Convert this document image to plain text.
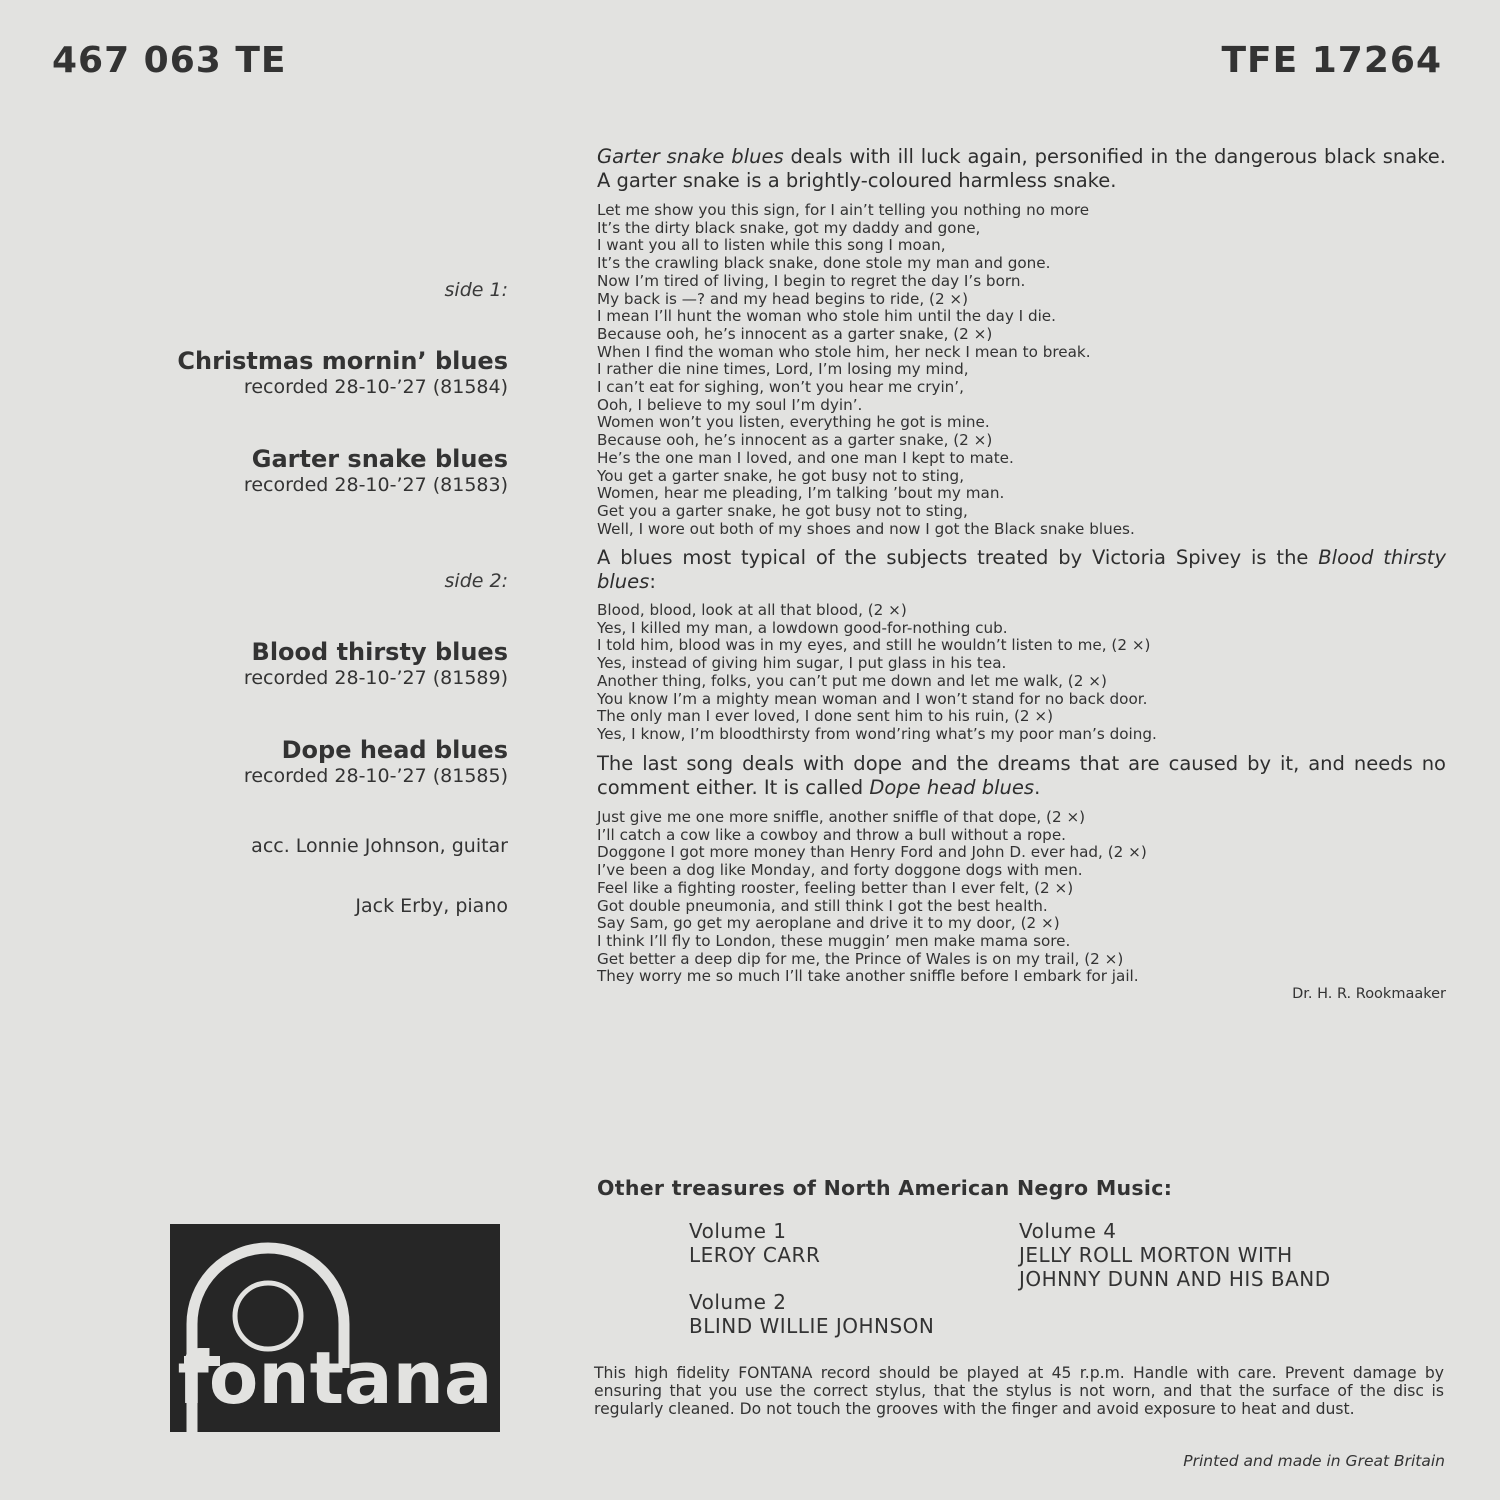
467 063 TE	TFE 17264
side 1:
Christmas mornin’ blues
recorded 28-10-’27 (81584)
Garter snake blues
recorded 28-10-’27 (81583)
side 2:
Blood thirsty blues
recorded 28-10-’27 (81589)
Dope head blues
recorded 28-10-’27 (81585)
acc. Lonnie Johnson, guitar
Jack Erby, piano
Garter snake blues deals with ill luck again, personified in the dangerous black snake. A garter snake is a brightly-coloured harmless snake.
Let me show you this sign, for I ain’t telling you nothing no more
It’s the dirty black snake, got my daddy and gone,
I want you all to listen while this song I moan,
It’s the crawling black snake, done stole my man and gone.
Now I’m tired of living, I begin to regret the day I’s born.
My back is —? and my head begins to ride, (2 ×)
I mean I’ll hunt the woman who stole him until the day I die.
Because ooh, he’s innocent as a garter snake, (2 ×)
When I find the woman who stole him, her neck I mean to break.
I rather die nine times, Lord, I’m losing my mind,
I can’t eat for sighing, won’t you hear me cryin’,
Ooh, I believe to my soul I’m dyin’.
Women won’t you listen, everything he got is mine.
Because ooh, he’s innocent as a garter snake, (2 ×)
He’s the one man I loved, and one man I kept to mate.
You get a garter snake, he got busy not to sting,
Women, hear me pleading, I’m talking ’bout my man.
Get you a garter snake, he got busy not to sting,
Well, I wore out both of my shoes and now I got the Black snake blues.
A blues most typical of the subjects treated by Victoria Spivey is the Blood thirsty blues:
Blood, blood, look at all that blood, (2 ×)
Yes, I killed my man, a lowdown good-for-nothing cub.
I told him, blood was in my eyes, and still he wouldn’t listen to me, (2 ×)
Yes, instead of giving him sugar, I put glass in his tea.
Another thing, folks, you can’t put me down and let me walk, (2 ×)
You know I’m a mighty mean woman and I won’t stand for no back door.
The only man I ever loved, I done sent him to his ruin, (2 ×)
Yes, I know, I’m bloodthirsty from wond’ring what’s my poor man’s doing.
The last song deals with dope and the dreams that are caused by it, and needs no comment either. It is called Dope head blues.
Just give me one more sniffle, another sniffle of that dope, (2 ×)
I’ll catch a cow like a cowboy and throw a bull without a rope.
Doggone I got more money than Henry Ford and John D. ever had, (2 ×)
I’ve been a dog like Monday, and forty doggone dogs with men.
Feel like a fighting rooster, feeling better than I ever felt, (2 ×)
Got double pneumonia, and still think I got the best health.
Say Sam, go get my aeroplane and drive it to my door, (2 ×)
I think I’ll fly to London, these muggin’ men make mama sore.
Get better a deep dip for me, the Prince of Wales is on my trail, (2 ×)
They worry me so much I’ll take another sniffle before I embark for jail.
Dr. H. R. Rookmaaker
Other treasures of North American Negro Music:
Volume 1
LEROY CARR
Volume 2
BLIND WILLIE JOHNSON
Volume 4
JELLY ROLL MORTON WITH
JOHNNY DUNN AND HIS BAND
This high fidelity FONTANA record should be played at 45 r.p.m. Handle with care. Prevent damage by ensuring that you use the correct stylus, that the stylus is not worn, and that the surface of the disc is regularly cleaned. Do not touch the grooves with the finger and avoid exposure to heat and dust.
Printed and made in Great Britain
fontana
